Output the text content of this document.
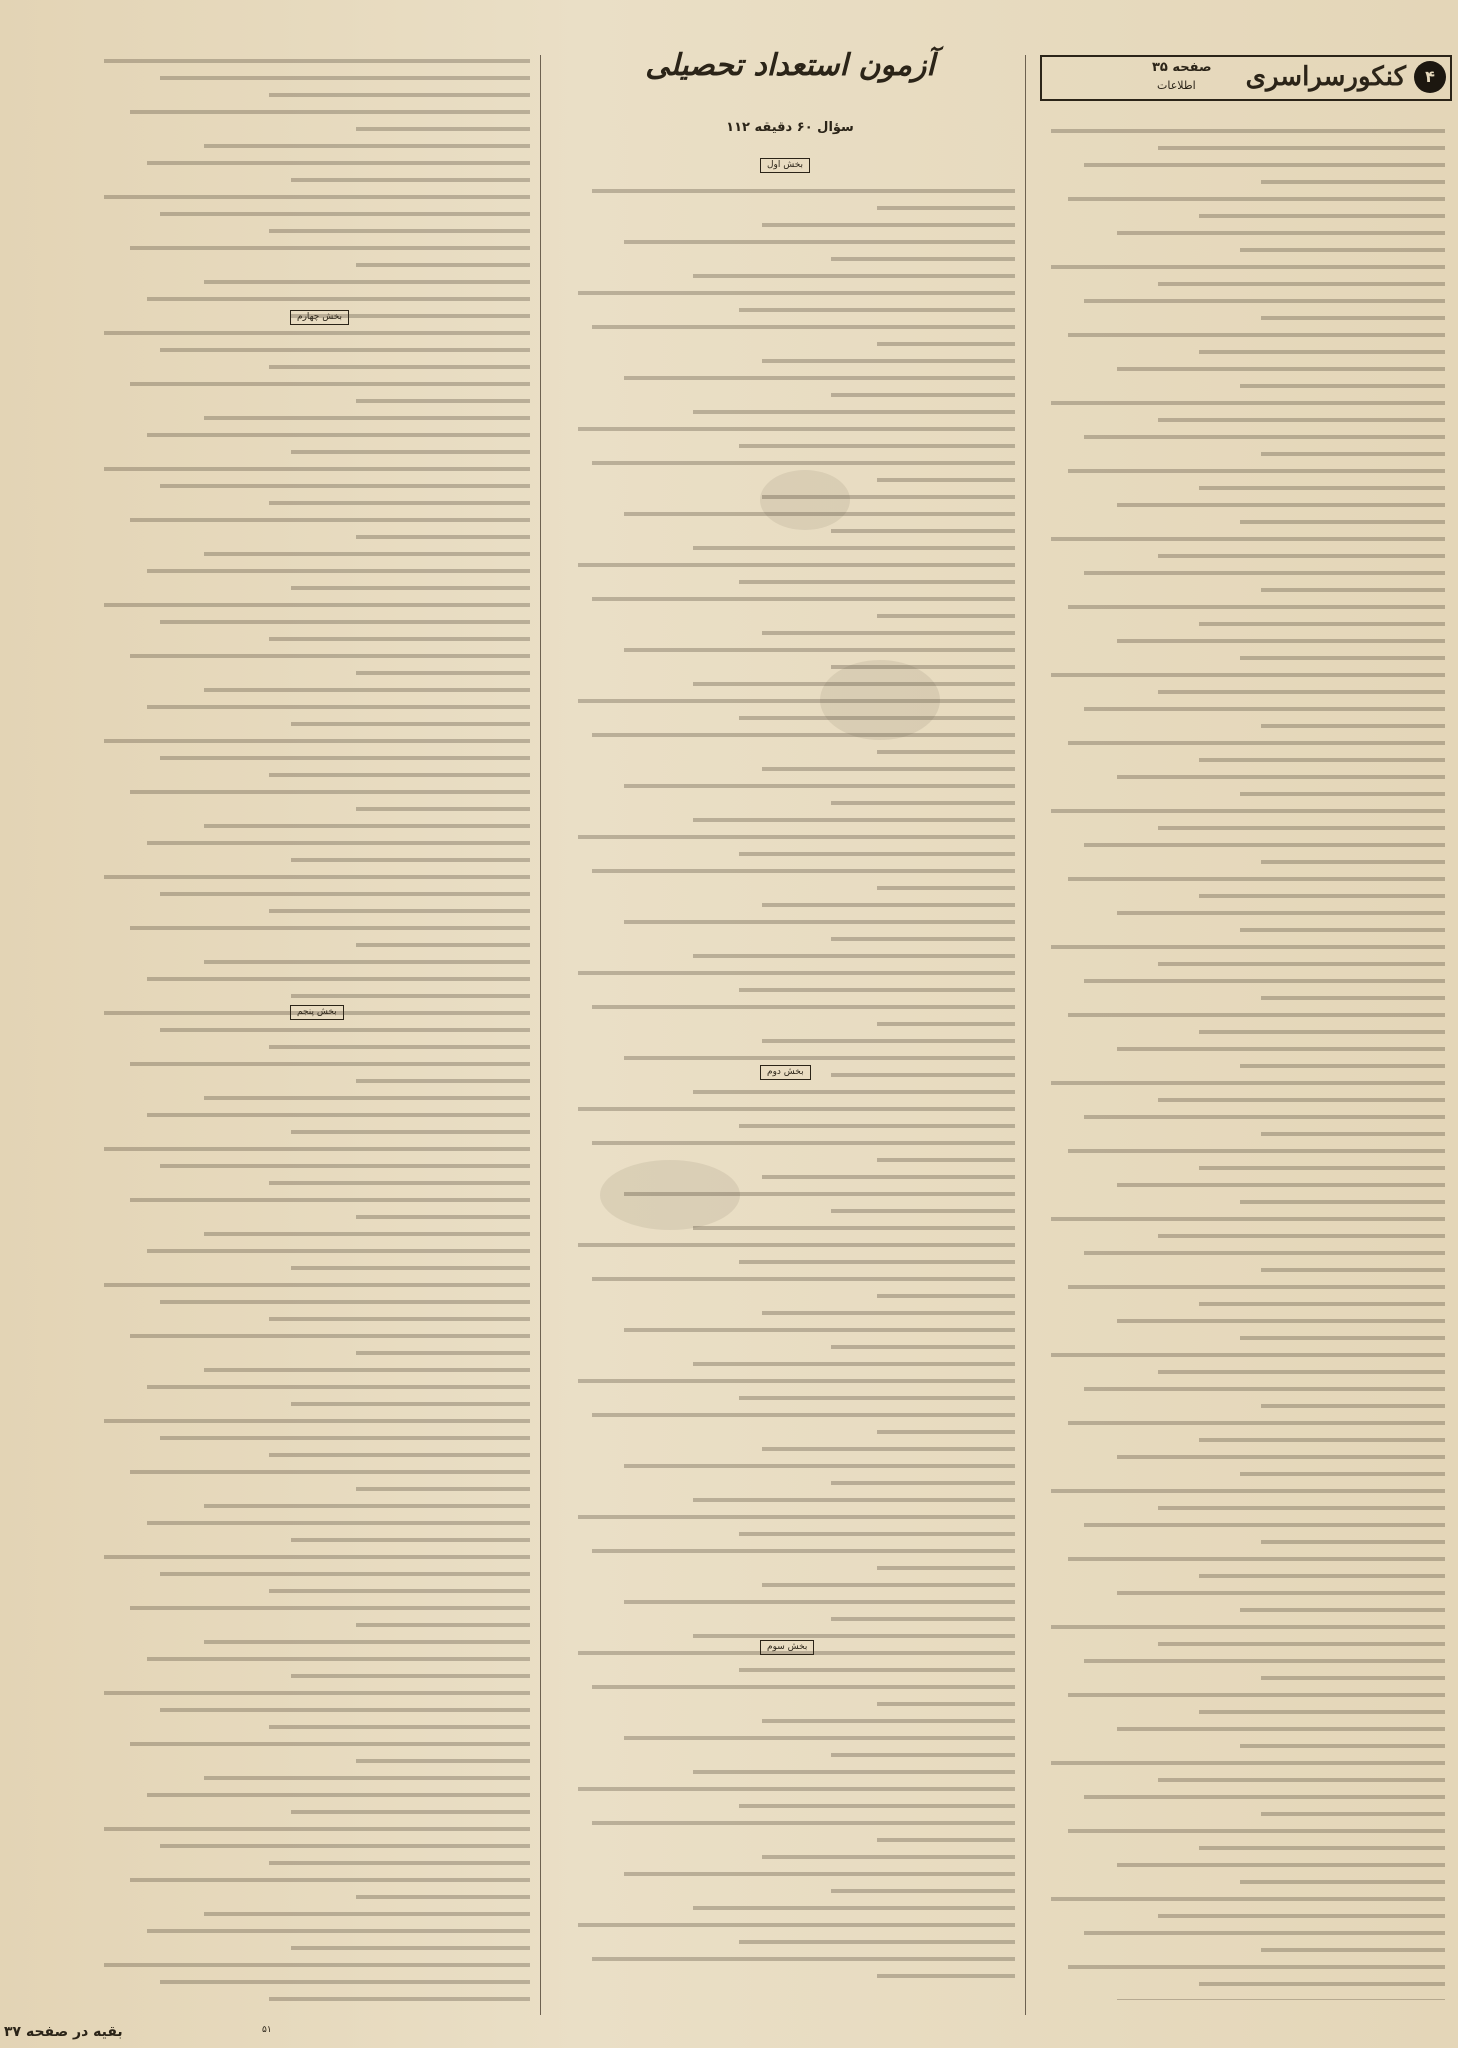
۴
کنکورسراسری
صفحه ۳۵
اطلاعات
آزمون استعداد تحصیلی
۱۱۲ سؤال ۶۰ دقیقه
بخش اول
بخش دوم
بخش سوم
بخش چهارم
بخش پنجم
بقیه در صفحه ۳۷	۵۱
